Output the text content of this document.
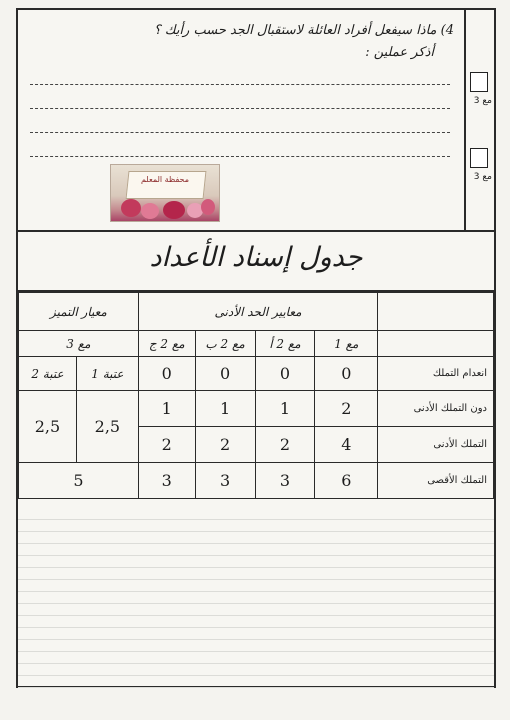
4) ماذا سيفعل أفراد العائلة لاستقبال الجد حسب رأيك ؟
أذكر عملين :
محفظة المعلم
مع 3
مع 3
جدول إسناد الأعداد
	معايير الحد الأدنى				معيار التميز	
	مع 1	مع 2 أ	مع 2 ب	مع 2 ج	مع 3	
انعدام التملك	0	0	0	0	عتبة 1	عتبة 2
دون التملك الأدنى	2	1	1	1	2,5	2,5
التملك الأدنى	4	2	2	2		
التملك الأقصى	6	3	3	3	5	
